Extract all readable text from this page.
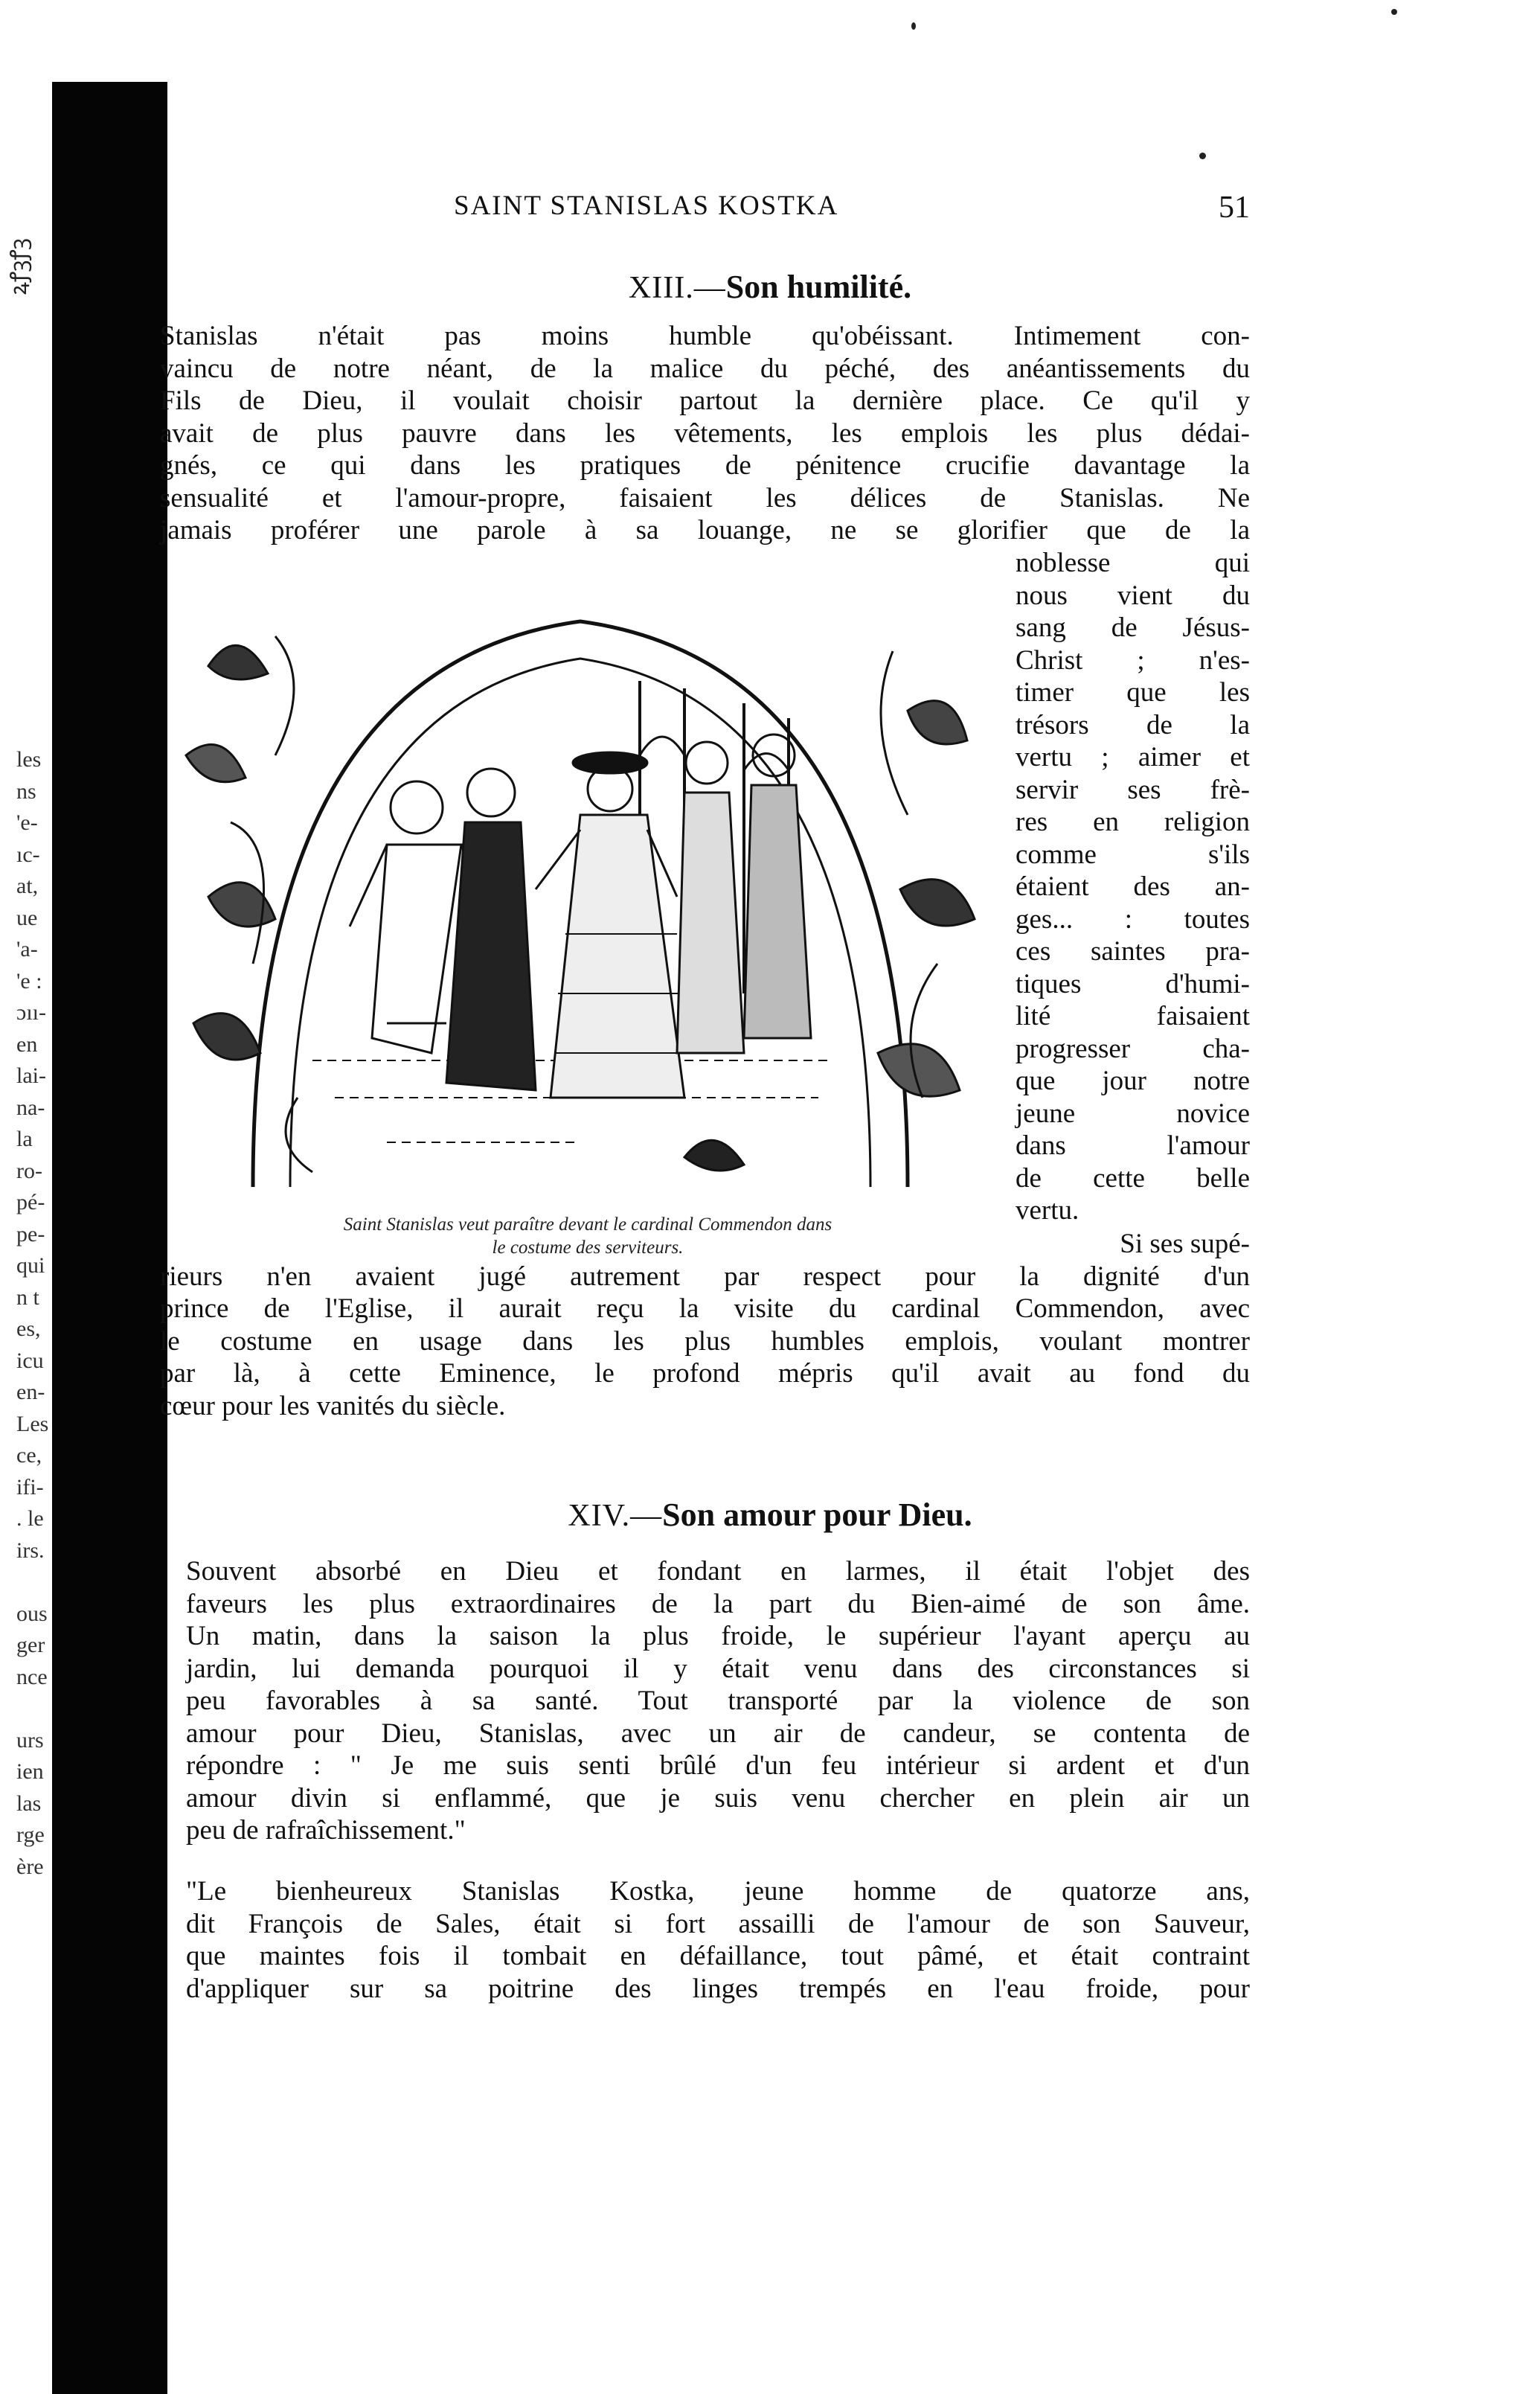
ꝝꝭꝫꝭꝫ
les
ns
'e-
ıc-
at,
ue
'a-
'e :
ɔıı-
en
lai-
na-
la
ro-
pé-
pe-
qui
n t
es,
icu
en-
Les
ce,
ifi-
. le
irs.

ous
ger
nce

urs
ien
las
rge
ère
SAINT STANISLAS KOSTKA	51
XIII.—Son humilité.
Stanislas n'était pas moins humble qu'obéissant. Intimement con-
vaincu de notre néant, de la malice du péché, des anéantissements du
Fils de Dieu, il voulait choisir partout la dernière place. Ce qu'il y
avait de plus pauvre dans les vêtements, les emplois les plus dédai-
gnés, ce qui dans les pratiques de pénitence crucifie davantage la
sensualité et l'amour-propre, faisaient les délices de Stanislas. Ne
jamais proférer une parole à sa louange, ne se glorifier que de la
noblesse qui
nous vient du
sang de Jésus-
Christ ; n'es-
timer que les
trésors de la
vertu ; aimer et
servir ses frè-
res en religion
comme s'ils
étaient des an-
ges... : toutes
ces saintes pra-
tiques d'humi-
lité faisaient
progresser cha-
que jour notre
jeune novice
dans l'amour
de cette belle
vertu.
Saint Stanislas veut paraître devant le cardinal Commendon dans
le costume des serviteurs.	Si ses supé-
rieurs n'en avaient jugé autrement par respect pour la dignité d'un
prince de l'Eglise, il aurait reçu la visite du cardinal Commendon, avec
le costume en usage dans les plus humbles emplois, voulant montrer
par là, à cette Eminence, le profond mépris qu'il avait au fond du
cœur pour les vanités du siècle.
XIV.—Son amour pour Dieu.
Souvent absorbé en Dieu et fondant en larmes, il était l'objet des
faveurs les plus extraordinaires de la part du Bien-aimé de son âme.
Un matin, dans la saison la plus froide, le supérieur l'ayant aperçu au
jardin, lui demanda pourquoi il y était venu dans des circonstances si
peu favorables à sa santé. Tout transporté par la violence de son
amour pour Dieu, Stanislas, avec un air de candeur, se contenta de
répondre : " Je me suis senti brûlé d'un feu intérieur si ardent et d'un
amour divin si enflammé, que je suis venu chercher en plein air un
peu de rafraîchissement."
"Le bienheureux Stanislas Kostka, jeune homme de quatorze ans,
dit François de Sales, était si fort assailli de l'amour de son Sauveur,
que maintes fois il tombait en défaillance, tout pâmé, et était contraint
d'appliquer sur sa poitrine des linges trempés en l'eau froide, pour
